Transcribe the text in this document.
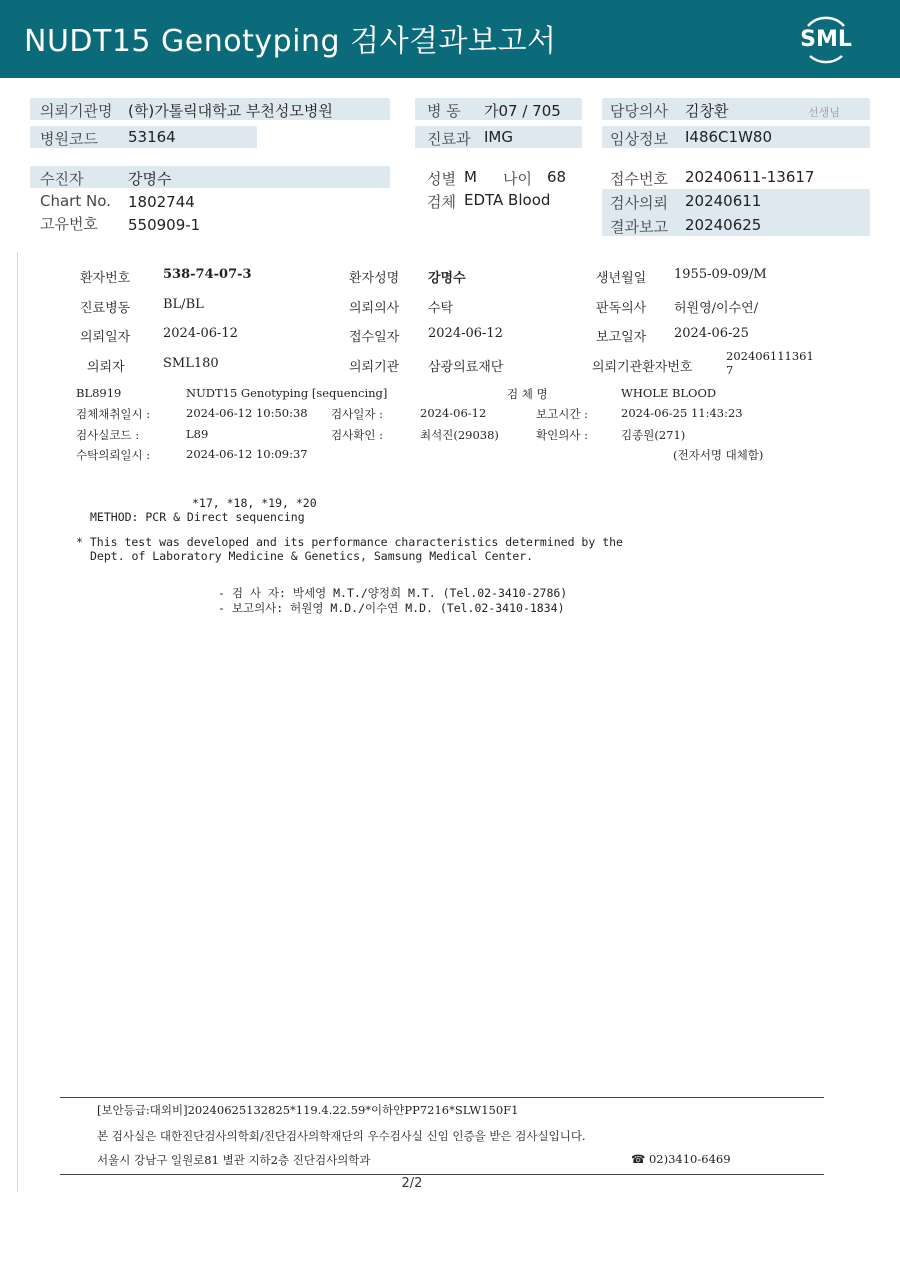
NUDT15 Genotyping 검사결과보고서	SML
의뢰기관명 (학)가톨릭대학교 부천성모병원
병원코드 53164
병 동 가07 / 705
진료과 IMG
담당의사 김창환	선생님
임상정보 I486C1W80
수진자	강명수
Chart No. 1802744
고유번호 550909-1
성별 M 나이 68
검체 EDTA Blood
접수번호 20240611-13617
검사의뢰 20240611
결과보고 20240625
환자번호	538-74-07-3	환자성명 강명수	생년월일 1955-09-09/M
진료병동	BL/BL	의뢰의사 수탁	판독의사 허원영/이수연/
의뢰일자	2024-06-12	접수일자 2024-06-12	보고일자 2024-06-25
의뢰자	SML180	의뢰기관 삼광의료재단	의뢰기관환자번호
202406111361
7
BL8919	NUDT15 Genotyping [sequencing]	검 체 명	WHOLE BLOOD
검체채취일시 :	2024-06-12 10:50:38 검사일자 :	2024-06-12	보고시간 :	2024-06-25 11:43:23
검사실코드 :	L89	검사확인 :	최석진(29038)	확인의사 :	김종원(271)
수탁의뢰일시 :	2024-06-12 10:09:37	(전자서명 대체함)
*17, *18, *19, *20
METHOD: PCR & Direct sequencing
* This test was developed and its performance characteristics determined by the
Dept. of Laboratory Medicine & Genetics, Samsung Medical Center.
- 검 사 자: 박세영 M.T./양정희 M.T. (Tel.02-3410-2786)
- 보고의사: 허원영 M.D./이수연 M.D. (Tel.02-3410-1834)
[보안등급:대외비]20240625132825*119.4.22.59*이하얀PP7216*SLW150F1
본 검사실은 대한진단검사의학회/진단검사의학재단의 우수검사실 신임 인증을 받은 검사실입니다.
서울시 강남구 일원로81 별관 지하2층 진단검사의학과	☎ 02)3410-6469
2/2
